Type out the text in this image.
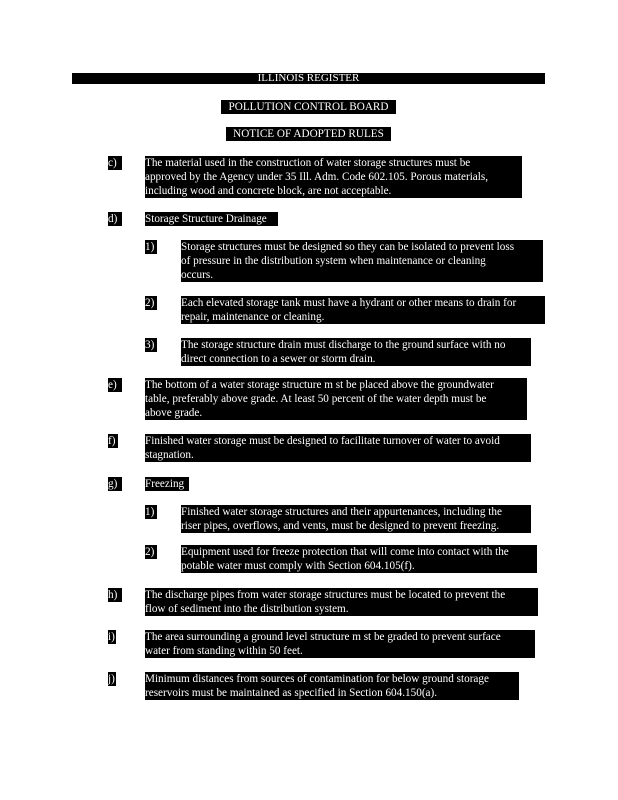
ILLINOIS REGISTER
POLLUTION CONTROL BOARD
NOTICE OF ADOPTED RULES
c)	The material used in the construction of water storage structures must be
approved by the Agency under 35 Ill. Adm. Code 602.105. Porous materials,
including wood and concrete block, are not acceptable.
d)	Storage Structure Drainage
1) Storage structures must be designed so they can be isolated to prevent loss
of pressure in the distribution system when maintenance or cleaning
occurs.
2) Each elevated storage tank must have a hydrant or other means to drain for
repair, maintenance or cleaning.
3) The storage structure drain must discharge to the ground surface with no
direct connection to a sewer or storm drain.
e)	The bottom of a water storage structure m st be placed above the groundwater
table, preferably above grade. At least 50 percent of the water depth must be
above grade.
f)	Finished water storage must be designed to facilitate turnover of water to avoid
stagnation.
g)	Freezing
1) Finished water storage structures and their appurtenances, including the
riser pipes, overflows, and vents, must be designed to prevent freezing.
2) Equipment used for freeze protection that will come into contact with the
potable water must comply with Section 604.105(f).
h)	The discharge pipes from water storage structures must be located to prevent the
flow of sediment into the distribution system.
i)	The area surrounding a ground level structure m st be graded to prevent surface
water from standing within 50 feet.
j)	Minimum distances from sources of contamination for below ground storage
reservoirs must be maintained as specified in Section 604.150(a).
